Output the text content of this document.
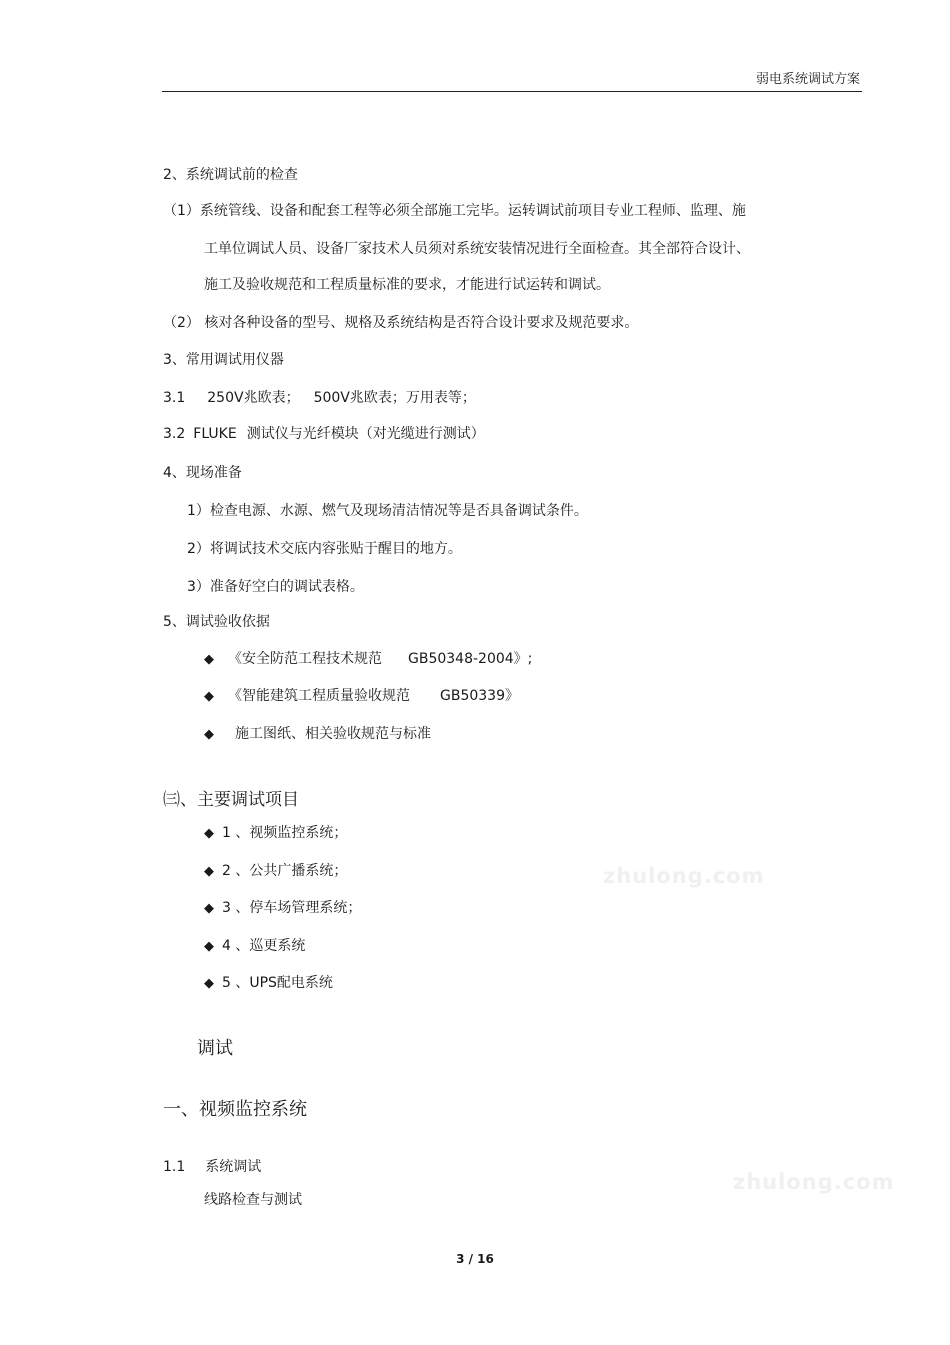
弱电系统调试方案
2、系统调试前的检查
（1）系统管线、设备和配套工程等必须全部施工完毕。运转调试前项目专业工程师、监理、施
工单位调试人员、设备厂家技术人员须对系统安装情况进行全面检查。其全部符合设计、
施工及验收规范和工程质量标准的要求，才能进行试运转和调试。
（2） 核对各种设备的型号、规格及系统结构是否符合设计要求及规范要求。
3、常用调试用仪器
3.1 250V兆欧表； 500V兆欧表；万用表等；
3.2 FLUKE 测试仪与光纤模块（对光缆进行测试）
4、现场准备
1）检查电源、水源、燃气及现场清洁情况等是否具备调试条件。
2）将调试技术交底内容张贴于醒目的地方。
3）准备好空白的调试表格。
5、调试验收依据
◆ 《安全防范工程技术规范 GB50348-2004》;
◆ 《智能建筑工程质量验收规范 GB50339》
◆ 施工图纸、相关验收规范与标准
㈢、主要调试项目
◆ 1 、视频监控系统；
◆ 2 、公共广播系统；
◆ 3 、停车场管理系统；
◆ 4 、巡更系统
◆ 5 、UPS配电系统
调试
一、视频监控系统
1.1 系统调试
线路检查与测试
zhulong.com
zhulong.com
3 / 16
